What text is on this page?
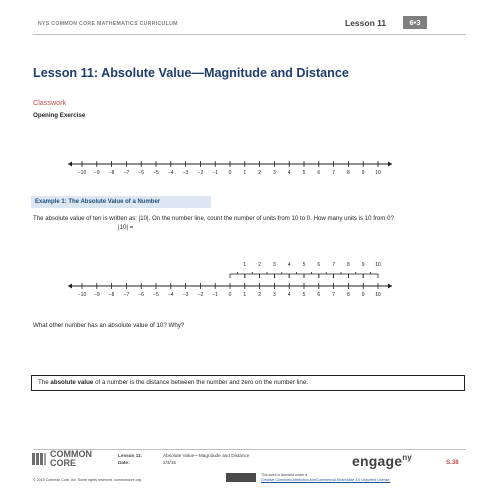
NYS COMMON CORE MATHEMATICS CURRICULUM	Lesson 11	6•3
Lesson 11: Absolute Value—Magnitude and Distance
Classwork
Opening Exercise
−10 −9 −8 −7 −6 −5 −4 −3 −2 −1 0 1 2 3 4 5 6 7 8 9 10
Example 1: The Absolute Value of a Number
The absolute value of ten is written as: |10|. On the number line, count the number of units from 10 to 0. How many units is 10 from 0?
|10| =
−10 −9 −8 −7 −6 −5 −4 −3 −2 −1 0 1 2 3 4 5 6 7 8 9 10
1 2 3 4 5 6 7 8 9 10
What other number has an absolute value of 10? Why?
The absolute value of a number is the distance between the number and zero on the number line.
COMMON
CORE
Lesson 11:
Date:
Absolute Value—Magnitude and Distance
2/3/15	engage$^{ny}$
S.38
© 2015 Common Core, Inc. Some rights reserved. commoncore.org
This work is licensed under a
Creative Commons Attribution-NonCommercial-ShareAlike 3.0 Unported License.
